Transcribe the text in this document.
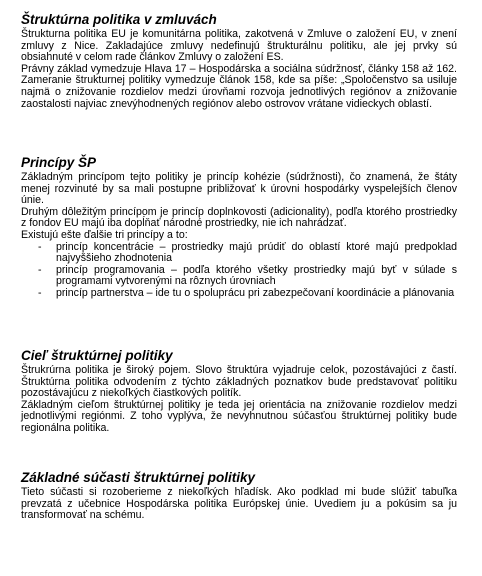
Štruktúrna politika v zmluvách

Štrukturna politika EU je komunitárna politika, zakotvená v Zmluve o založení EU, v znení zmluvy z Nice. Zakladajúce zmluvy nedefinujú štrukturálnu politiku, ale jej prvky sú obsiahnuté v celom rade článkov Zmluvy o založení ES.

Právny základ vymedzuje Hlava 17 – Hospodárska a sociálna súdržnosť, články 158 až 162. Zameranie štrukturnej politiky vymedzuje článok 158, kde sa píše: „Spoločenstvo sa usiluje najmä o znižovanie rozdielov medzi úrovňami rozvoja jednotlivých regiónov a znižovanie zaostalosti najviac znevýhodnených regiónov alebo ostrovov vrátane vidieckych oblastí.

Princípy ŠP

Základným princípom tejto politiky je princíp kohézie (súdržnosti), čo znamená, že štáty menej rozvinuté by sa mali postupne približovať k úrovni hospodárky vyspelejších členov únie.

Druhým dôležitým princípom je princíp doplnkovosti (adicionality), podľa ktorého prostriedky z fondov EU majú iba dopĺňať národné prostriedky, nie ich nahrádzať.

Existujú ešte ďalšie tri princípy a to:

- princíp koncentrácie – prostriedky majú prúdiť do oblastí ktoré majú predpoklad najvyššieho zhodnotenia
- princíp programovania – podľa ktorého všetky prostriedky majú byť v súlade s programami vytvorenými na rôznych úrovniach
- princíp partnerstva – ide tu o spoluprácu pri zabezpečovaní koordinácie a plánovania
Cieľ štruktúrnej politiky

Štrukrúrna politika je široký pojem. Slovo štruktúra vyjadruje celok, pozostávajúci z častí. Štruktúrna politika odvodením z týchto základných poznatkov bude predstavovať politiku pozostávajúcu z niekoľkých čiastkových politík.

Základným cieľom štruktúrnej politiky je teda jej orientácia na znižovanie rozdielov medzi jednotlivými regiónmi. Z toho vyplýva, že nevyhnutnou súčasťou štruktúrnej politiky bude regionálna politika.

Základné súčasti štruktúrnej politiky

Tieto súčasti si rozoberieme z niekoľkých hľadísk. Ako podklad mi bude slúžiť tabuľka prevzatá z učebnice Hospodárska politika Európskej únie. Uvediem ju a pokúsim sa ju transformovať na schému.
